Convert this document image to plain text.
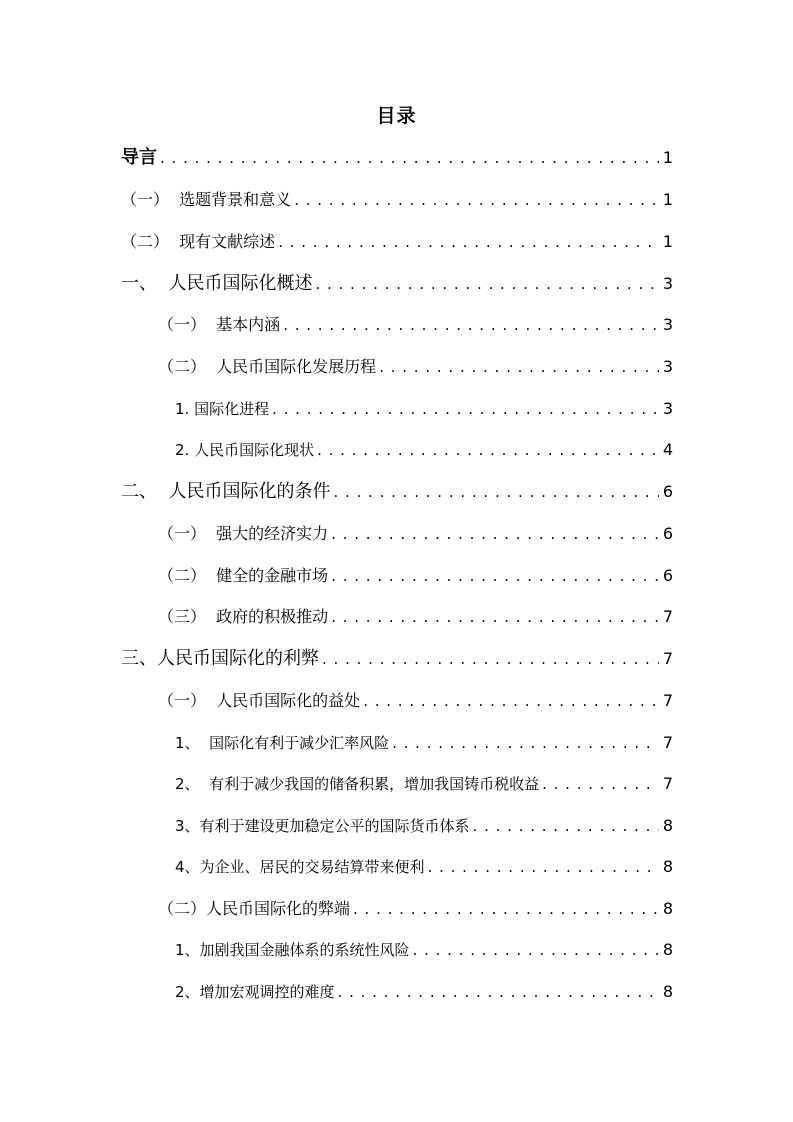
目录
导言 . . .	1
（一）  选题背景和意义 . . .	1
（二）  现有文献综述 . . .	1
一、  人民币国际化概述 . . .	3
（一）  基本内涵 . . .	3
（二）  人民币国际化发展历程 . . .	3
1. 国际化进程 . . .	3
2. 人民币国际化现状 . . .	4
二、  人民币国际化的条件 . . .	6
（一）  强大的经济实力 . . .	6
（二）  健全的金融市场 . . .	6
（三）  政府的积极推动 . . .	7
三、人民币国际化的利弊 . . .	7
（一）  人民币国际化的益处 . . .	7
1、  国际化有利于减少汇率风险 . . .	7
2、  有利于减少我国的储备积累，增加我国铸币税收益 . . .	7
3、有利于建设更加稳定公平的国际货币体系 . . .	8
4、为企业、居民的交易结算带来便利 . . .	8
（二）人民币国际化的弊端 . . .	8
1、加剧我国金融体系的系统性风险 . . .	8
2、增加宏观调控的难度 . . .	8
